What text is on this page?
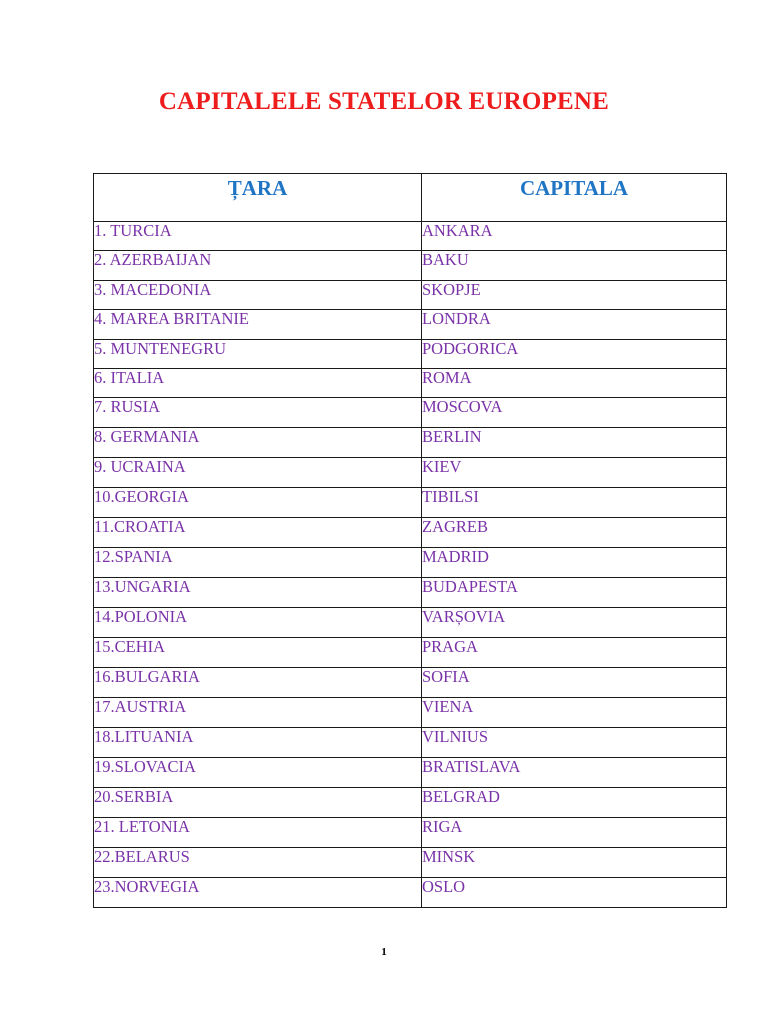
CAPITALELE STATELOR EUROPENE
ȚARA	CAPITALA
1. TURCIA	ANKARA
2. AZERBAIJAN	BAKU
3. MACEDONIA	SKOPJE
4. MAREA BRITANIE	LONDRA
5. MUNTENEGRU	PODGORICA
6. ITALIA	ROMA
7. RUSIA	MOSCOVA
8. GERMANIA	BERLIN
9. UCRAINA	KIEV
10.GEORGIA	TIBILSI
11.CROATIA	ZAGREB
12.SPANIA	MADRID
13.UNGARIA	BUDAPESTA
14.POLONIA	VARȘOVIA
15.CEHIA	PRAGA
16.BULGARIA	SOFIA
17.AUSTRIA	VIENA
18.LITUANIA	VILNIUS
19.SLOVACIA	BRATISLAVA
20.SERBIA	BELGRAD
21. LETONIA	RIGA
22.BELARUS	MINSK
23.NORVEGIA	OSLO
1
